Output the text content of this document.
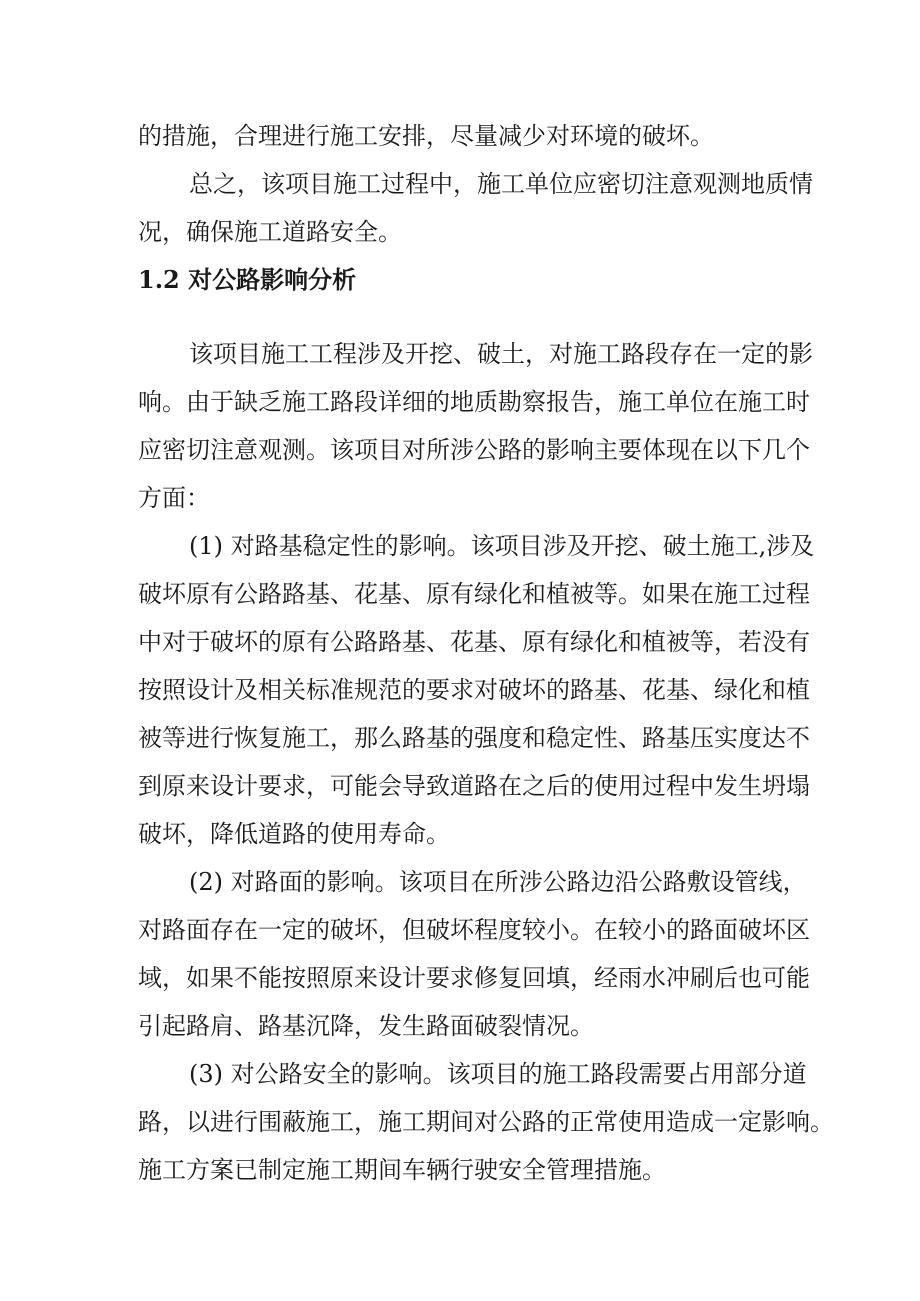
的措施，合理进行施工安排，尽量减少对环境的破坏。

总之，该项目施工过程中，施工单位应密切注意观测地质情

况，确保施工道路安全。

1.2 对公路影响分析

该项目施工工程涉及开挖、破土，对施工路段存在一定的影

响。由于缺乏施工路段详细的地质勘察报告，施工单位在施工时

应密切注意观测。该项目对所涉公路的影响主要体现在以下几个

方面：

(1) 对路基稳定性的影响。该项目涉及开挖、破土施工,涉及

破坏原有公路路基、花基、原有绿化和植被等。如果在施工过程

中对于破坏的原有公路路基、花基、原有绿化和植被等，若没有

按照设计及相关标准规范的要求对破坏的路基、花基、绿化和植

被等进行恢复施工，那么路基的强度和稳定性、路基压实度达不

到原来设计要求，可能会导致道路在之后的使用过程中发生坍塌

破坏，降低道路的使用寿命。

(2) 对路面的影响。该项目在所涉公路边沿公路敷设管线，

对路面存在一定的破坏，但破坏程度较小。在较小的路面破坏区

域，如果不能按照原来设计要求修复回填，经雨水冲刷后也可能

引起路肩、路基沉降，发生路面破裂情况。

(3) 对公路安全的影响。该项目的施工路段需要占用部分道

路，以进行围蔽施工，施工期间对公路的正常使用造成一定影响。

施工方案已制定施工期间车辆行驶安全管理措施。
